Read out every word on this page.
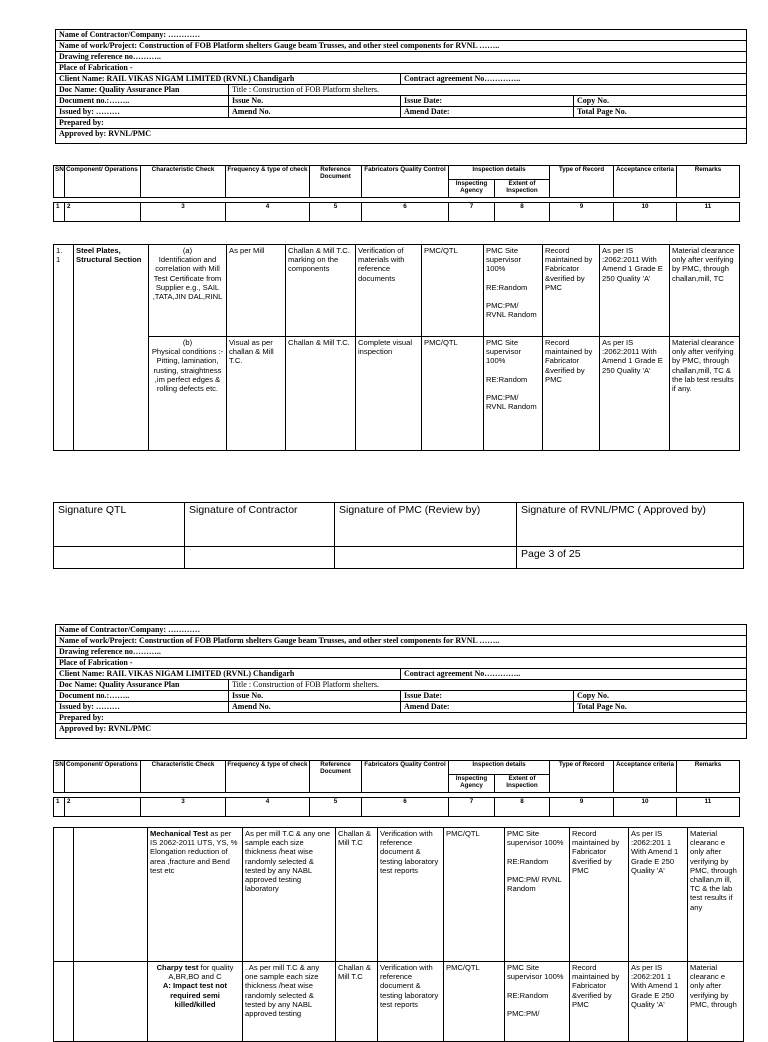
Name of Contractor/Company: …………			
Name of work/Project: Construction of FOB Platform shelters Gauge beam Trusses, and other steel components for RVNL ……..			
Drawing reference no………..			
Place of Fabrication -			
Client Name: RAIL VIKAS NIGAM LIMITED (RVNL) Chandigarh		Contract agreement No…………..	
Doc Name: Quality Assurance Plan	Title : Construction of FOB Platform shelters.		
Document no.:……..	Issue No.	Issue Date:	Copy No.
Issued by: ………	Amend No.	Amend Date:	Total Page No.
Prepared by:			
Approved by: RVNL/PMC			
SN	Component/ Operations	Characteristic Check	Frequency & type of check	Reference Document	Fabricators Quality Control	Inspection details		Type of Record	Acceptance criteria	Remarks
						Inspecting Agency	Extent of Inspection			
1	2	3	4	5	6	7	8	9	10	11
1.
1	Steel Plates, Structural Section	(a)
Identification and correlation with Mill Test Certificate from Supplier e.g., SAIL ,TATA,JIN DAL,RINL	As per Mill	Challan & Mill T.C. marking on the components	Verification of materials with reference documents	PMC/QTL	PMC Site supervisor 100%

RE:Random

PMC:PM/ RVNL Random	Record maintained by Fabricator &verified by PMC	As per IS :2062:2011 With Amend 1 Grade E 250 Quality 'A'	Material clearance only after verifying by PMC, through challan,mill, TC

		(b)
Physical conditions :- Pitting, lamination, rusting, straightness ,im perfect edges & rolling defects etc.	Visual as per challan & Mill T.C.	Challan & Mill T.C.	Complete visual inspection	PMC/QTL	PMC Site supervisor 100%

RE:Random

PMC:PM/ RVNL Random	Record maintained by Fabricator &verified by PMC	As per IS :2062:2011 With Amend 1 Grade E 250 Quality 'A'	Material clearance only after verifying by PMC, through challan,mill, TC & the lab test results if any.
Signature QTL	Signature of Contractor	Signature of PMC (Review by)	Signature of RVNL/PMC ( Approved by)
			Page 3 of 25
Name of Contractor/Company: …………			
Name of work/Project: Construction of FOB Platform shelters Gauge beam Trusses, and other steel components for RVNL ……..			
Drawing reference no………..			
Place of Fabrication -			
Client Name: RAIL VIKAS NIGAM LIMITED (RVNL) Chandigarh		Contract agreement No…………..	
Doc Name: Quality Assurance Plan	Title : Construction of FOB Platform shelters.		
Document no.:……..	Issue No.	Issue Date:	Copy No.
Issued by: ………	Amend No.	Amend Date:	Total Page No.
Prepared by:			
Approved by: RVNL/PMC			
SN	Component/ Operations	Characteristic Check	Frequency & type of check	Reference Document	Fabricators Quality Control	Inspection details		Type of Record	Acceptance criteria	Remarks
						Inspecting Agency	Extent of Inspection			
1	2	3	4	5	6	7	8	9	10	11
		Mechanical Test as per IS 2062-2011 UTS, YS, % Elongation reduction of area ,fracture and Bend test etc	As per mill T.C & any one sample each size thickness /heat wise randomly selected & tested by any NABL approved testing laboratory	Challan & Mill T.C	Verification with reference document & testing laboratory test reports	PMC/QTL	PMC Site supervisor 100%

RE:Random

PMC:PM/ RVNL Random	Record maintained by Fabricator &verified by PMC	As per IS :2062:201 1 With Amend 1 Grade E 250 Quality 'A'	Material clearanc e only after verifying by PMC, through challan,m ill, TC & the lab test results if any
		Charpy test for quality A,BR,BO and C
A: Impact test not required semi killed/killed	. As per mill T.C & any one sample each size thickness /heat wise randomly selected & tested by any NABL approved testing	Challan & Mill T.C	Verification with reference document & testing laboratory test reports	PMC/QTL	PMC Site supervisor 100%

RE:Random

PMC:PM/	Record maintained by Fabricator &verified by PMC	As per IS :2062:201 1 With Amend 1 Grade E 250 Quality 'A'	Material clearanc e only after verifying by PMC, through
